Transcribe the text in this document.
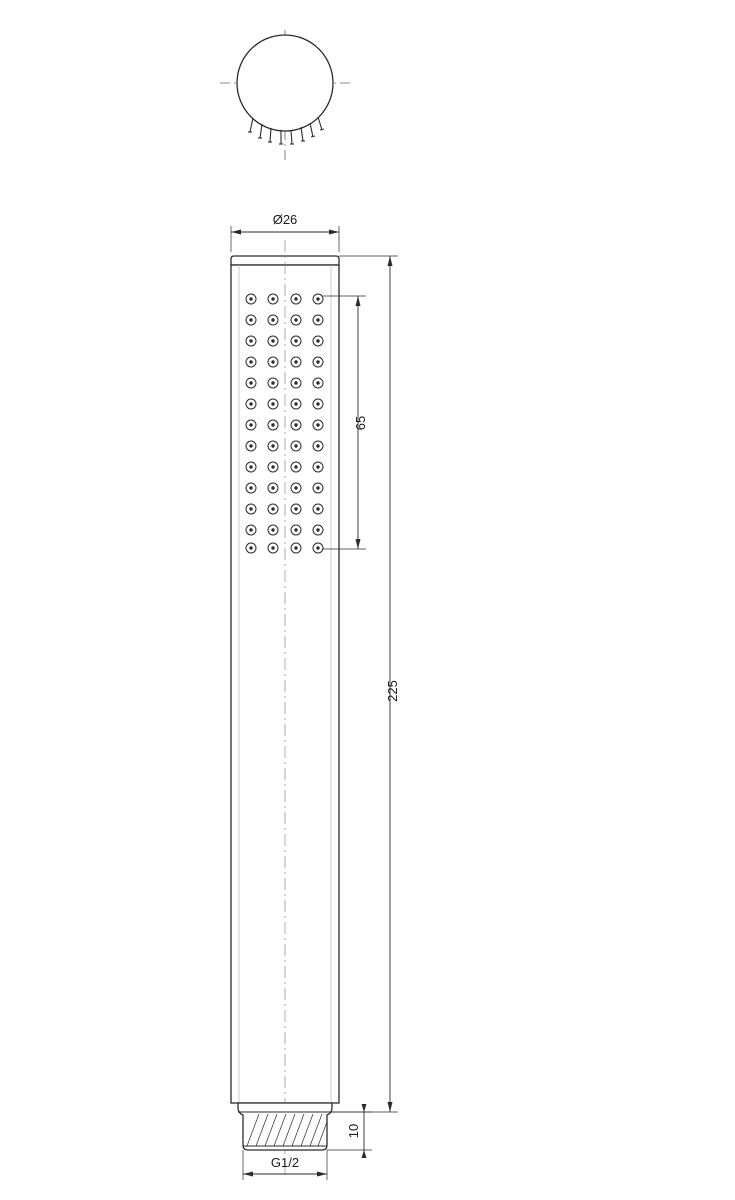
Ø26
65
225
10
G1/2
